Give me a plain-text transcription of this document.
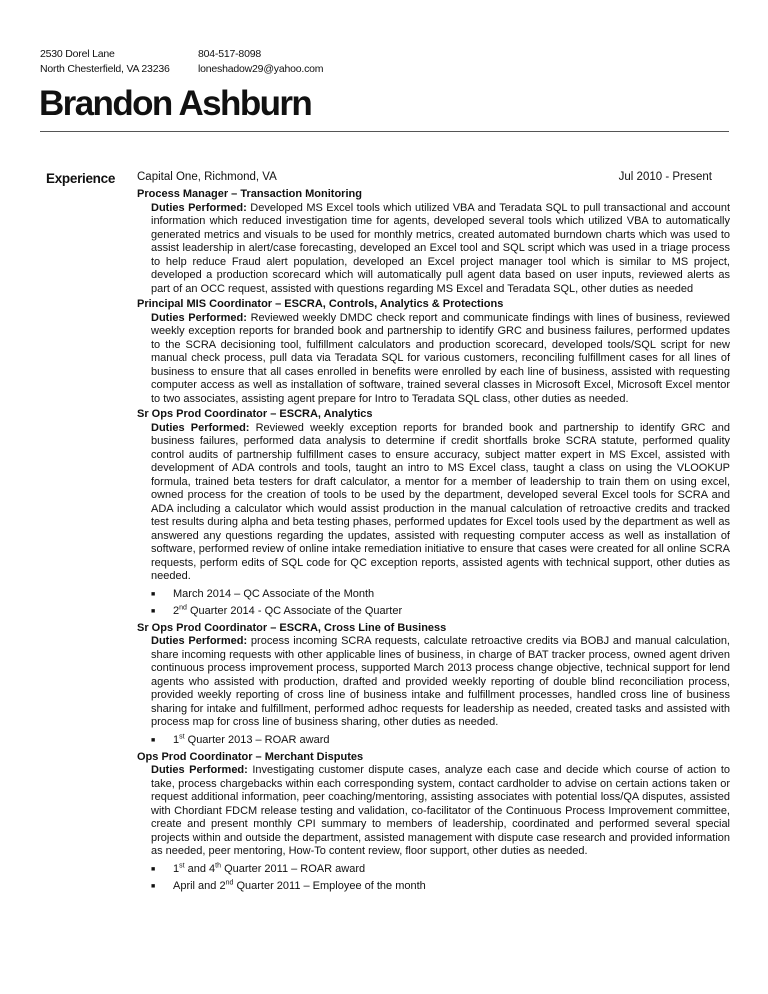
2530 Dorel Lane
North Chesterfield, VA 23236
804-517-8098
loneshadow29@yahoo.com
Brandon Ashburn
Experience Capital One, Richmond, VA	Jul 2010 - Present

Process Manager – Transaction Monitoring

Duties Performed: Developed MS Excel tools which utilized VBA and Teradata SQL to pull transactional and account information which reduced investigation time for agents, developed several tools which utilized VBA to automatically generated metrics and visuals to be used for monthly metrics, created automated burndown charts which was used to assist leadership in alert/case forecasting, developed an Excel tool and SQL script which was used in a triage process to help reduce Fraud alert population, developed an Excel project manager tool which is similar to MS project, developed a production scorecard which will automatically pull agent data based on user inputs, reviewed alerts as part of an OCC request, assisted with questions regarding MS Excel and Teradata SQL, other duties as needed

Principal MIS Coordinator – ESCRA, Controls, Analytics & Protections

Duties Performed: Reviewed weekly DMDC check report and communicate findings with lines of business, reviewed weekly exception reports for branded book and partnership to identify GRC and business failures, performed updates to the SCRA decisioning tool, fulfillment calculators and production scorecard, developed tools/SQL script for new manual check process, pull data via Teradata SQL for various customers, reconciling fulfillment cases for all lines of business to ensure that all cases enrolled in benefits were enrolled by each line of business, assisted with requesting computer access as well as installation of software, trained several classes in Microsoft Excel, Microsoft Excel mentor to two associates, assisting agent prepare for Intro to Teradata SQL class, other duties as needed.

Sr Ops Prod Coordinator – ESCRA, Analytics

Duties Performed: Reviewed weekly exception reports for branded book and partnership to identify GRC and business failures, performed data analysis to determine if credit shortfalls broke SCRA statute, performed quality control audits of partnership fulfillment cases to ensure accuracy, subject matter expert in MS Excel, assisted with development of ADA controls and tools, taught an intro to MS Excel class, taught a class on using the VLOOKUP formula, trained beta testers for draft calculator, a mentor for a member of leadership to train them on using excel, owned process for the creation of tools to be used by the department, developed several Excel tools for SCRA and ADA including a calculator which would assist production in the manual calculation of retroactive credits and tracked test results during alpha and beta testing phases, performed updates for Excel tools used by the department as well as answered any questions regarding the updates, assisted with requesting computer access as well as installation of software, performed review of online intake remediation initiative to ensure that cases were created for all online SCRA requests, perform edits of SQL code for QC exception reports, assisted agents with technical support, other duties as needed.

■ March 2014 – QC Associate of the Month
■ 2nd Quarter 2014 - QC Associate of the Quarter

Sr Ops Prod Coordinator – ESCRA, Cross Line of Business

Duties Performed: process incoming SCRA requests, calculate retroactive credits via BOBJ and manual calculation, share incoming requests with other applicable lines of business, in charge of BAT tracker process, owned agent driven continuous process improvement process, supported March 2013 process change objective, technical support for lend agents who assisted with production, drafted and provided weekly reporting of double blind reconciliation process, provided weekly reporting of cross line of business intake and fulfillment processes, handled cross line of business sharing for intake and fulfillment, performed adhoc requests for leadership as needed, created tasks and assisted with process map for cross line of business sharing, other duties as needed.

■ 1st Quarter 2013 – ROAR award

Ops Prod Coordinator – Merchant Disputes

Duties Performed: Investigating customer dispute cases, analyze each case and decide which course of action to take, process chargebacks within each corresponding system, contact cardholder to advise on certain actions taken or request additional information, peer coaching/mentoring, assisting associates with potential loss/QA disputes, assisted with Chordiant FDCM release testing and validation, co-facilitator of the Continuous Process Improvement committee, create and present monthly CPI summary to members of leadership, coordinated and performed several special projects within and outside the department, assisted management with dispute case research and provided information as needed, peer mentoring, How-To content review, floor support, other duties as needed.

■ 1st and 4th Quarter 2011 – ROAR award
■ April and 2nd Quarter 2011 – Employee of the month
